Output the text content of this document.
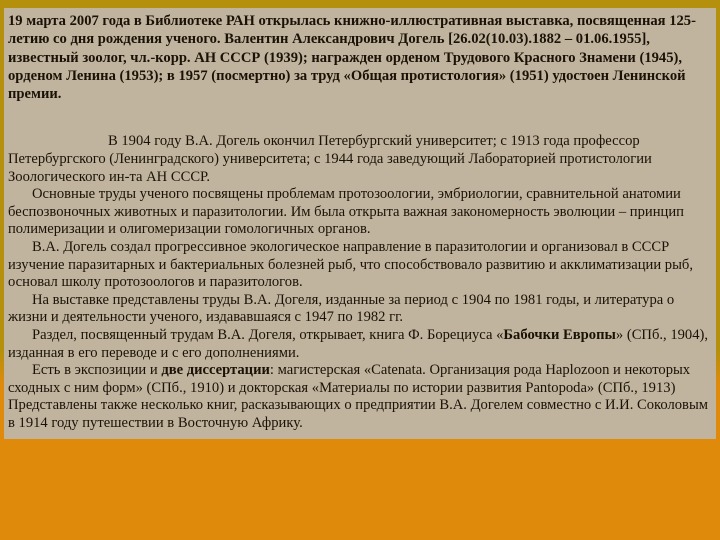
19 марта 2007 года в Библиотеке РАН открылась книжно-иллюстративная выставка, посвященная 125-летию со дня рождения ученого. Валентин Александрович Догель [26.02(10.03).1882 – 01.06.1955], известный зоолог, чл.-корр. АН СССР (1939); награжден орденом Трудового Красного Знамени (1945), орденом Ленина (1953); в 1957 (посмертно) за труд «Общая протистология» (1951) удостоен Ленинской премии.

В 1904 году В.А. Догель окончил Петербургский университет; с 1913 года профессор Петербургского (Ленинградского) университета; с 1944 года заведующий Лабораторией протистологии Зоологического ин-та АН СССР.

Основные труды ученого посвящены проблемам протозоологии, эмбриологии, сравнительной анатомии беспозвоночных животных и паразитологии. Им была открыта важная закономерность эволюции – принцип полимеризации и олигомеризации гомологичных органов.

В.А. Догель создал прогрессивное экологическое направление в паразитологии и организовал в СССР изучение паразитарных и бактериальных болезней рыб, что способствовало развитию и акклиматизации рыб, основал школу протозоологов и паразитологов.

На выставке представлены труды В.А. Догеля, изданные за период с 1904 по 1981 годы, и литература о жизни и деятельности ученого, издававшаяся с 1947 по 1982 гг.

Раздел, посвященный трудам В.А. Догеля, открывает, книга Ф. Борециуса «Бабочки Европы» (СПб., 1904), изданная в его переводе и с его дополнениями.

Есть в экспозиции и две диссертации: магистерская «Catenata. Организация рода Haplozoon и некоторых сходных с ним форм» (СПб., 1910) и докторская «Материалы по истории развития Pantopoda» (СПб., 1913) Представлены также несколько книг, расказывающих о предприятии В.А. Догелем совместно с И.И. Соколовым в 1914 году путешествии в Восточную Африку.
